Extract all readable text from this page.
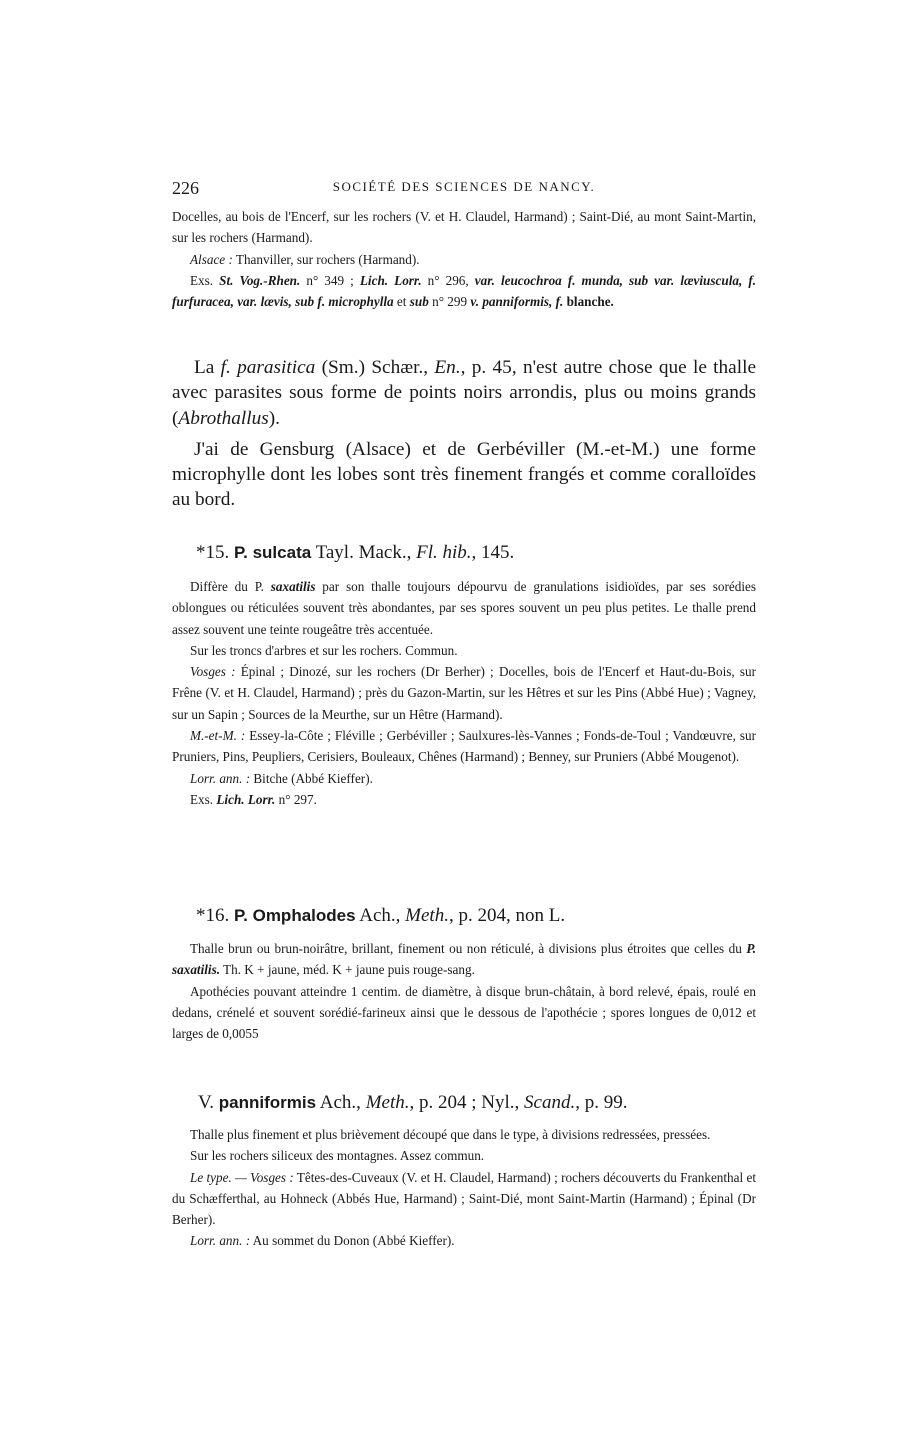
226	SOCIÉTÉ DES SCIENCES DE NANCY.

Docelles, au bois de l'Encerf, sur les rochers (V. et H. Claudel, Harmand) ; Saint-Dié, au mont Saint-Martin, sur les rochers (Harmand).

Alsace : Thanviller, sur rochers (Harmand).

Exs. St. Vog.-Rhen. n° 349 ; Lich. Lorr. n° 296, var. leucochroa f. munda, sub var. læviuscula, f. furfuracea, var. lævis, sub f. microphylla et sub n° 299 v. panniformis, f. blanche.

La f. parasitica (Sm.) Schær., En., p. 45, n'est autre chose que le thalle avec parasites sous forme de points noirs arrondis, plus ou moins grands (Abrothallus).

J'ai de Gensburg (Alsace) et de Gerbéviller (M.-et-M.) une forme microphylle dont les lobes sont très finement frangés et comme coralloïdes au bord.

*15. P. sulcata Tayl. Mack., Fl. hib., 145.

Diffère du P. saxatilis par son thalle toujours dépourvu de granulations isidioïdes, par ses sorédies oblongues ou réticulées souvent très abondantes, par ses spores souvent un peu plus petites. Le thalle prend assez souvent une teinte rougeâtre très accentuée.

Sur les troncs d'arbres et sur les rochers. Commun.

Vosges : Épinal ; Dinozé, sur les rochers (Dr Berher) ; Docelles, bois de l'Encerf et Haut-du-Bois, sur Frêne (V. et H. Claudel, Harmand) ; près du Gazon-Martin, sur les Hêtres et sur les Pins (Abbé Hue) ; Vagney, sur un Sapin ; Sources de la Meurthe, sur un Hêtre (Harmand).

M.-et-M. : Essey-la-Côte ; Fléville ; Gerbéviller ; Saulxures-lès-Vannes ; Fonds-de-Toul ; Vandœuvre, sur Pruniers, Pins, Peupliers, Cerisiers, Bouleaux, Chênes (Harmand) ; Benney, sur Pruniers (Abbé Mougenot).

Lorr. ann. : Bitche (Abbé Kieffer).

Exs. Lich. Lorr. n° 297.

*16. P. Omphalodes Ach., Meth., p. 204, non L.

Thalle brun ou brun-noirâtre, brillant, finement ou non réticulé, à divisions plus étroites que celles du P. saxatilis. Th. K + jaune, méd. K + jaune puis rouge-sang.

Apothécies pouvant atteindre 1 centim. de diamètre, à disque brun-châtain, à bord relevé, épais, roulé en dedans, crénelé et souvent sorédié-farineux ainsi que le dessous de l'apothécie ; spores longues de 0,012 et larges de 0,0055

V. panniformis Ach., Meth., p. 204 ; Nyl., Scand., p. 99.

Thalle plus finement et plus brièvement découpé que dans le type, à divisions redressées, pressées.

Sur les rochers siliceux des montagnes. Assez commun.

Le type. — Vosges : Têtes-des-Cuveaux (V. et H. Claudel, Harmand) ; rochers découverts du Frankenthal et du Schæfferthal, au Hohneck (Abbés Hue, Harmand) ; Saint-Dié, mont Saint-Martin (Harmand) ; Épinal (Dr Berher).

Lorr. ann. : Au sommet du Donon (Abbé Kieffer).
